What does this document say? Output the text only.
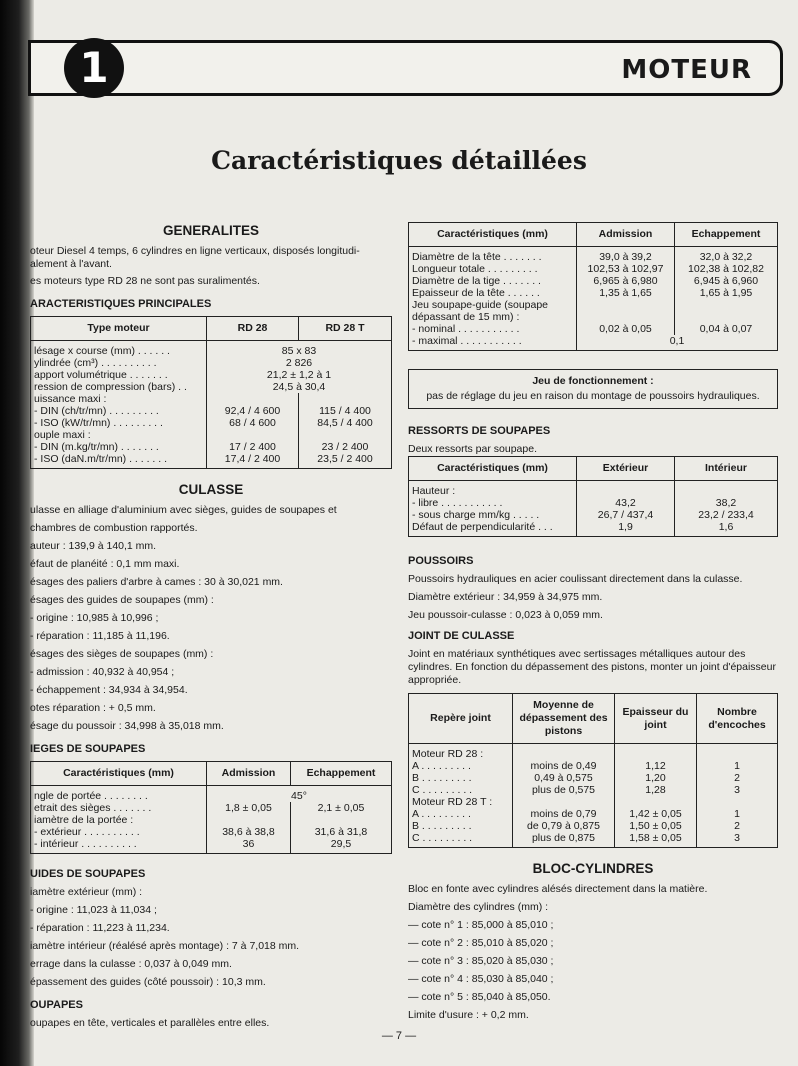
1	MOTEUR
Caractéristiques détaillées
GENERALITES

oteur Diesel 4 temps, 6 cylindres en ligne verticaux, disposés longitudi-

alement à l'avant.

es moteurs type RD 28 ne sont pas suralimentés.

ARACTERISTIQUES PRINCIPALES
Type moteur	RD 28	RD 28 T
lésage x course (mm) . . . . . .	85 x 83	
ylindrée (cm³) . . . . . . . . . .	2 826	
apport volumétrique . . . . . . .	21,2 ± 1,2 à 1	
ression de compression (bars) . .	24,5 à 30,4	
uissance maxi :		
- DIN (ch/tr/mn) . . . . . . . . .	92,4 / 4 600	115 / 4 400
- ISO (kW/tr/mn) . . . . . . . . .	68 / 4 600	84,5 / 4 400
ouple maxi :		
- DIN (m.kg/tr/mn) . . . . . . .	17 / 2 400	23 / 2 400
- ISO (daN.m/tr/mn) . . . . . . .	17,4 / 2 400	23,5 / 2 400
CULASSE

ulasse en alliage d'aluminium avec sièges, guides de soupapes et

chambres de combustion rapportés.

auteur : 139,9 à 140,1 mm.

éfaut de planéité : 0,1 mm maxi.

ésages des paliers d'arbre à cames : 30 à 30,021 mm.

ésages des guides de soupapes (mm) :

- origine : 10,985 à 10,996 ;

- réparation : 11,185 à 11,196.

ésages des sièges de soupapes (mm) :

- admission : 40,932 à 40,954 ;

- échappement : 34,934 à 34,954.

otes réparation : + 0,5 mm.

ésage du poussoir : 34,998 à 35,018 mm.

IEGES DE SOUPAPES
Caractéristiques (mm)	Admission	Echappement
ngle de portée . . . . . . . .	45°	
etrait des sièges . . . . . . .	1,8 ± 0,05	2,1 ± 0,05
iamètre de la portée :		
- extérieur . . . . . . . . . .	38,6 à 38,8	31,6 à 31,8
- intérieur . . . . . . . . . .	36	29,5
UIDES DE SOUPAPES

iamètre extérieur (mm) :

- origine : 11,023 à 11,034 ;

- réparation : 11,223 à 11,234.

iamètre intérieur (réalésé après montage) : 7 à 7,018 mm.

errage dans la culasse : 0,037 à 0,049 mm.

épassement des guides (côté poussoir) : 10,3 mm.

OUPAPES

oupapes en tête, verticales et parallèles entre elles.

Caractéristiques (mm)	Admission	Echappement
Diamètre de la tête . . . . . . .	39,0 à 39,2	32,0 à 32,2
Longueur totale . . . . . . . . .	102,53 à 102,97	102,38 à 102,82
Diamètre de la tige . . . . . . .	6,965 à 6,980	6,945 à 6,960
Epaisseur de la tête . . . . . .	1,35 à 1,65	1,65 à 1,95
Jeu soupape-guide (soupape		
dépassant de 15 mm) :		
- nominal . . . . . . . . . . .	0,02 à 0,05	0,04 à 0,07
- maximal . . . . . . . . . . .	0,1	
Jeu de fonctionnement :
pas de réglage du jeu en raison du montage de poussoirs hydrauliques.
RESSORTS DE SOUPAPES

Deux ressorts par soupape.

Caractéristiques (mm)	Extérieur	Intérieur
Hauteur :		
- libre . . . . . . . . . . .	43,2	38,2
- sous charge mm/kg . . . . .	26,7 / 437,4	23,2 / 233,4
Défaut de perpendicularité . . .	1,9	1,6
POUSSOIRS

Poussoirs hydrauliques en acier coulissant directement dans la culasse.

Diamètre extérieur : 34,959 à 34,975 mm.

Jeu poussoir-culasse : 0,023 à 0,059 mm.

JOINT DE CULASSE

Joint en matériaux synthétiques avec sertissages métalliques autour des cylindres. En fonction du dépassement des pistons, monter un joint d'épaisseur appropriée.

Repère joint	Moyenne de dépassement des pistons	Epaisseur du joint	Nombre d'encoches
Moteur RD 28 :			
A . . . . . . . . .	moins de 0,49	1,12	1
B . . . . . . . . .	0,49 à 0,575	1,20	2
C . . . . . . . . .	plus de 0,575	1,28	3
Moteur RD 28 T :			
A . . . . . . . . .	moins de 0,79	1,42 ± 0,05	1
B . . . . . . . . .	de 0,79 à 0,875	1,50 ± 0,05	2
C . . . . . . . . .	plus de 0,875	1,58 ± 0,05	3
BLOC-CYLINDRES

Bloc en fonte avec cylindres alésés directement dans la matière.

Diamètre des cylindres (mm) :

— cote n° 1 : 85,000 à 85,010 ;

— cote n° 2 : 85,010 à 85,020 ;

— cote n° 3 : 85,020 à 85,030 ;

— cote n° 4 : 85,030 à 85,040 ;

— cote n° 5 : 85,040 à 85,050.

Limite d'usure : + 0,2 mm.

— 7 —
